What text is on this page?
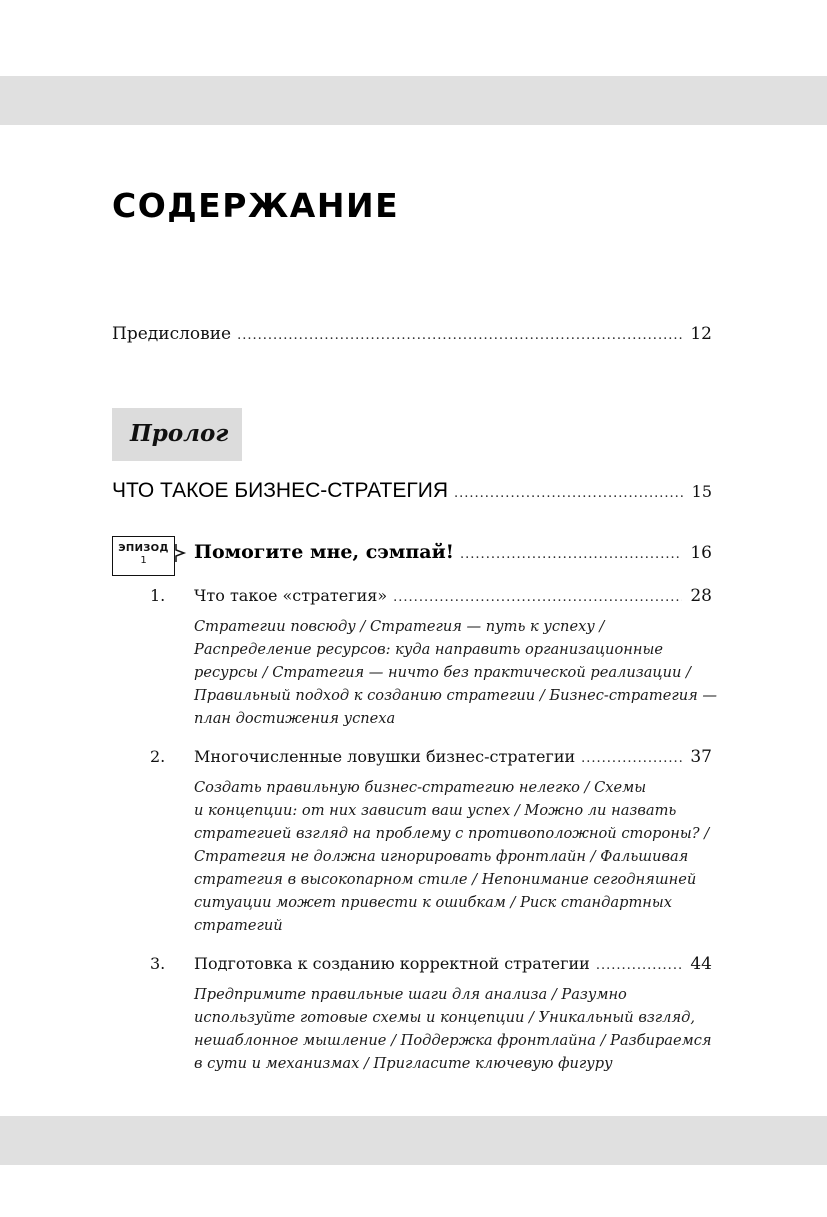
СОДЕРЖАНИЕ
Предисловие .....	12
Пролог
ЧТО ТАКОЕ БИЗНЕС-СТРАТЕГИЯ .....	15
ЭПИЗОД
1	Помогите мне, сэмпай! .....	16
1. Что такое «стратегия» .....	28
Стратегии повсюду / Стратегия — путь к успеху /
Распределение ресурсов: куда направить организационные
ресурсы / Стратегия — ничто без практической реализации /
Правильный подход к созданию стратегии / Бизнес-стратегия —
план достижения успеха
2. Многочисленные ловушки бизнес-стратегии .....	37
Создать правильную бизнес-стратегию нелегко / Схемы
и концепции: от них зависит ваш успех / Можно ли назвать
стратегией взгляд на проблему с противоположной стороны? /
Стратегия не должна игнорировать фронтлайн / Фальшивая
стратегия в высокопарном стиле / Непонимание сегодняшней
ситуации может привести к ошибкам / Риск стандартных
стратегий
3. Подготовка к созданию корректной стратегии .....	44
Предпримите правильные шаги для анализа / Разумно
используйте готовые схемы и концепции / Уникальный взгляд,
нешаблонное мышление / Поддержка фронтлайна / Разбираемся
в сути и механизмах / Пригласите ключевую фигуру
